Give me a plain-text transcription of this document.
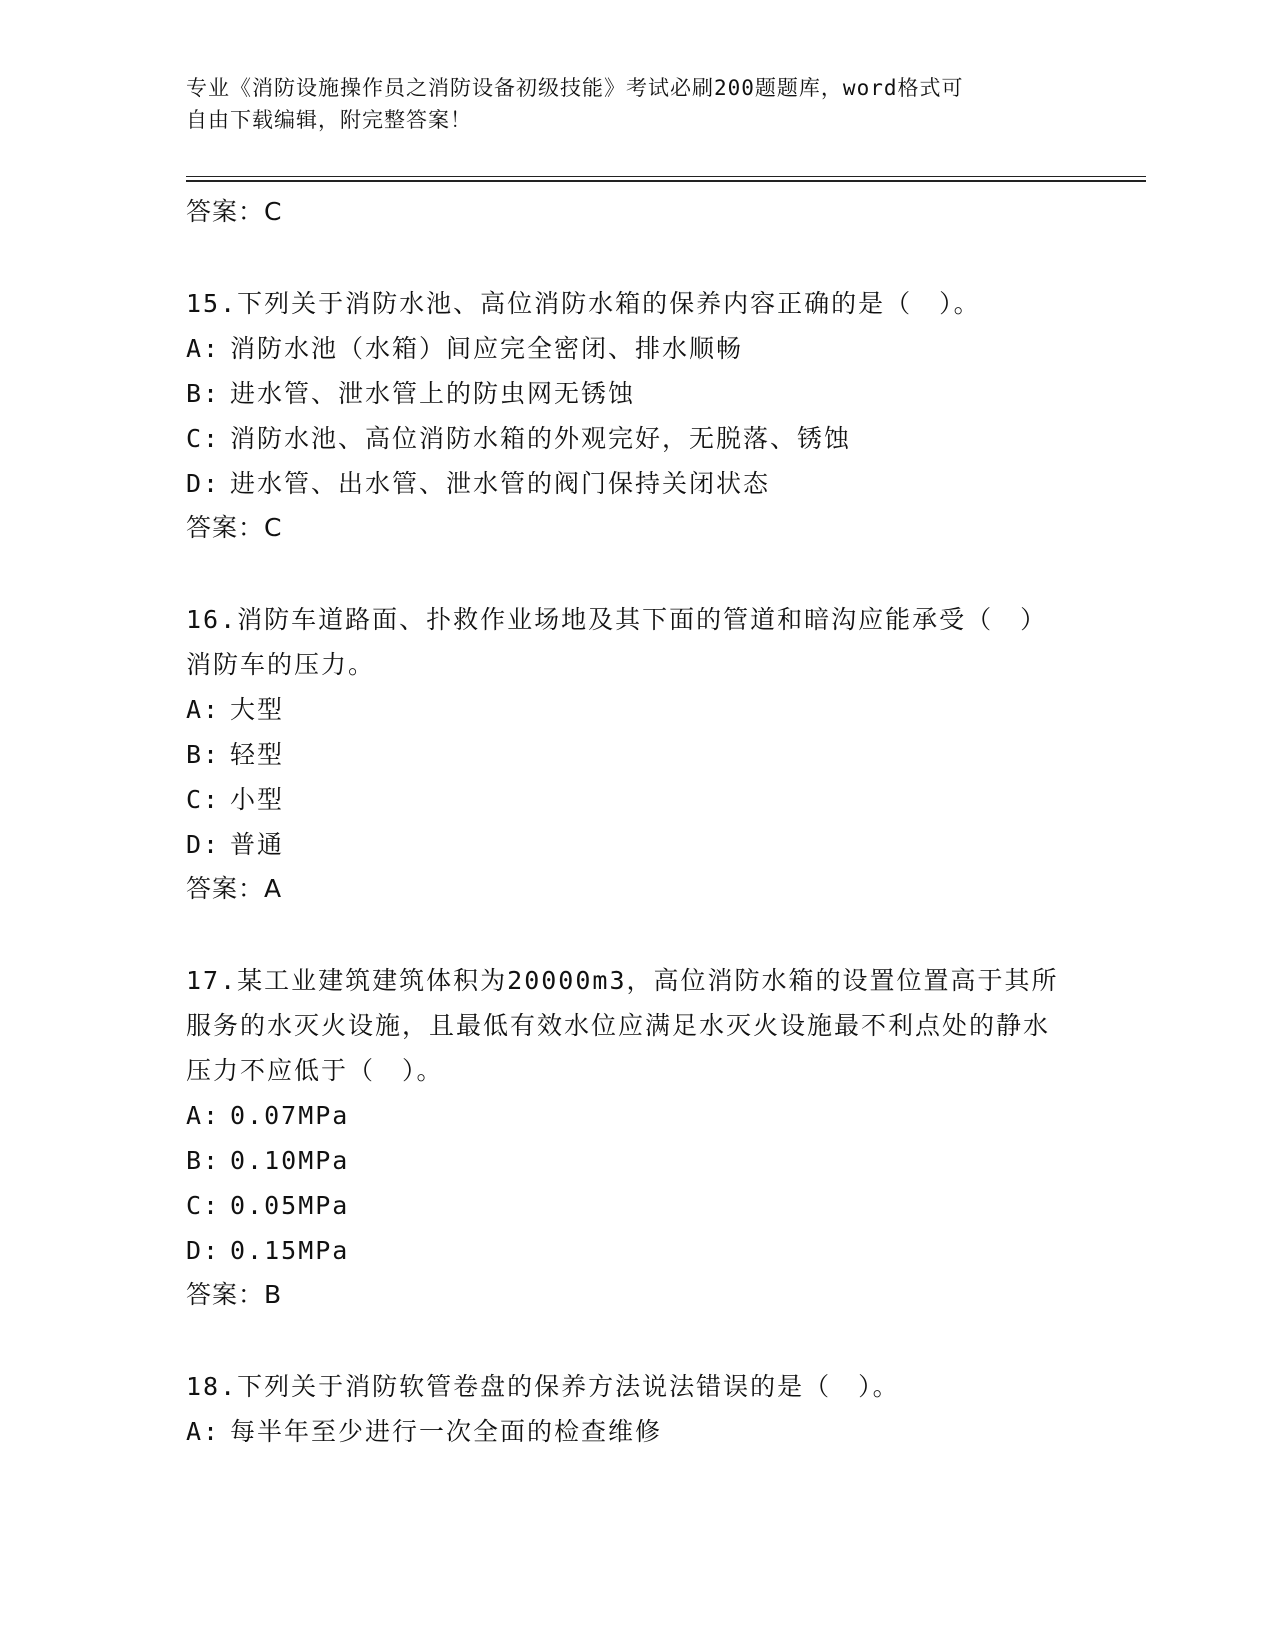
专业《消防设施操作员之消防设备初级技能》考试必刷200题题库，word格式可
自由下载编辑，附完整答案！
答案：C
15.下列关于消防水池、高位消防水箱的保养内容正确的是（　）。
A: 消防水池（水箱）间应完全密闭、排水顺畅
B: 进水管、泄水管上的防虫网无锈蚀
C: 消防水池、高位消防水箱的外观完好，无脱落、锈蚀
D: 进水管、出水管、泄水管的阀门保持关闭状态
答案：C
16.消防车道路面、扑救作业场地及其下面的管道和暗沟应能承受（　）消防车的压力。
A: 大型
B: 轻型
C: 小型
D: 普通
答案：A
17.某工业建筑建筑体积为20000m3，高位消防水箱的设置位置高于其所服务的水灭火设施，且最低有效水位应满足水灭火设施最不利点处的静水压力不应低于（　）。
A: 0.07MPa
B: 0.10MPa
C: 0.05MPa
D: 0.15MPa
答案：B
18.下列关于消防软管卷盘的保养方法说法错误的是（　）。
A: 每半年至少进行一次全面的检查维修
